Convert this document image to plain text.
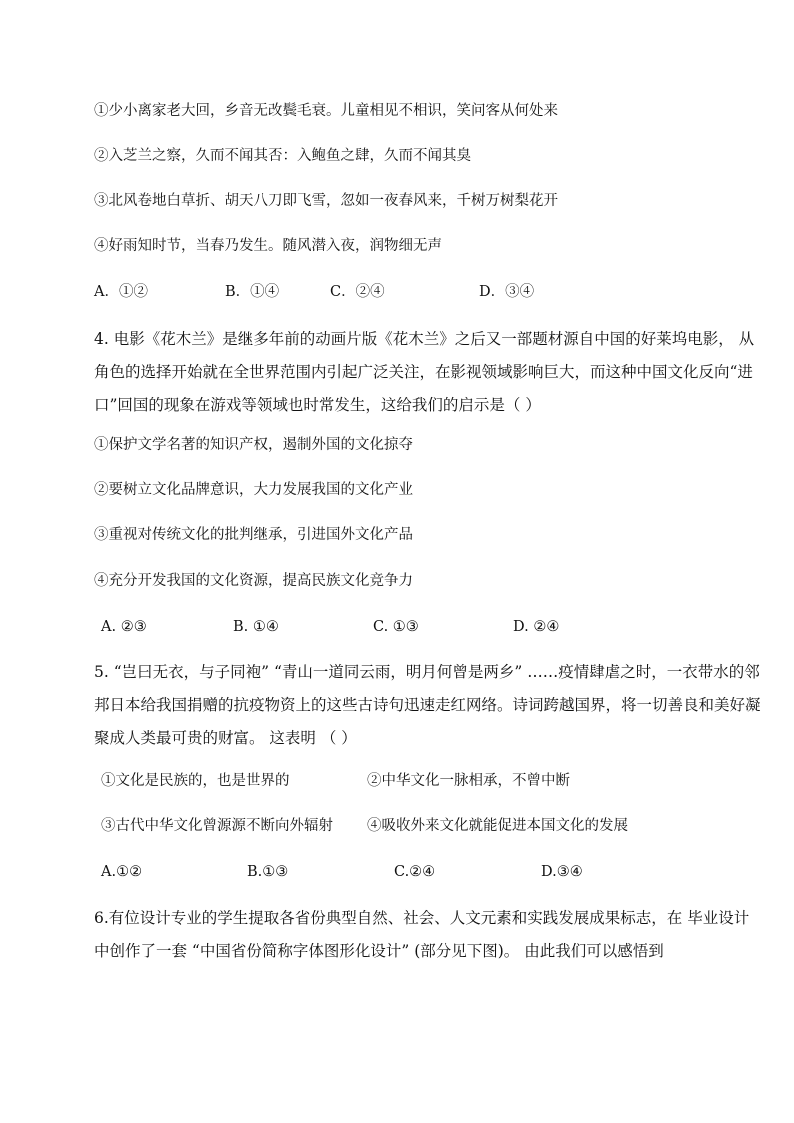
①少小离家老大回，乡音无改鬓毛衰。儿童相见不相识，笑问客从何处来
②入芝兰之察，久而不闻其否：入鲍鱼之肆，久而不闻其臭
③北风卷地白草折、胡天八刀即飞雪，忽如一夜春风来，千树万树梨花开
④好雨知时节，当春乃发生。随风潜入夜，润物细无声
A．①②	B．①④	C．②④	D．③④
4. 电影《花木兰》是继多年前的动画片版《花木兰》之后又一部题材源自中国的好莱坞电影， 从
角色的选择开始就在全世界范围内引起广泛关注，在影视领域影响巨大，而这种中国文化反向“进
口”回国的现象在游戏等领域也时常发生，这给我们的启示是（ ）
①保护文学名著的知识产权，遏制外国的文化掠夺
②要树立文化品牌意识，大力发展我国的文化产业
③重视对传统文化的批判继承，引进国外文化产品
④充分开发我国的文化资源，提高民族文化竞争力
A. ②③	B. ①④	C. ①③	D. ②④
5. “岂曰无衣，与子同袍” “青山一道同云雨，明月何曾是两乡” ……疫情肆虐之时，一衣带水的邻
邦日本给我国捐赠的抗疫物资上的这些古诗句迅速走红网络。诗词跨越国界，将一切善良和美好凝
聚成人类最可贵的财富。 这表明 （ ）
①文化是民族的，也是世界的	②中华文化一脉相承，不曾中断
③古代中华文化曾源源不断向外辐射 ④吸收外来文化就能促进本国文化的发展
A.①②	B.①③	C.②④	D.③④
6.有位设计专业的学生提取各省份典型自然、社会、人文元素和实践发展成果标志，在 毕业设计
中创作了一套 “中国省份简称字体图形化设计” (部分见下图)。 由此我们可以感悟到
